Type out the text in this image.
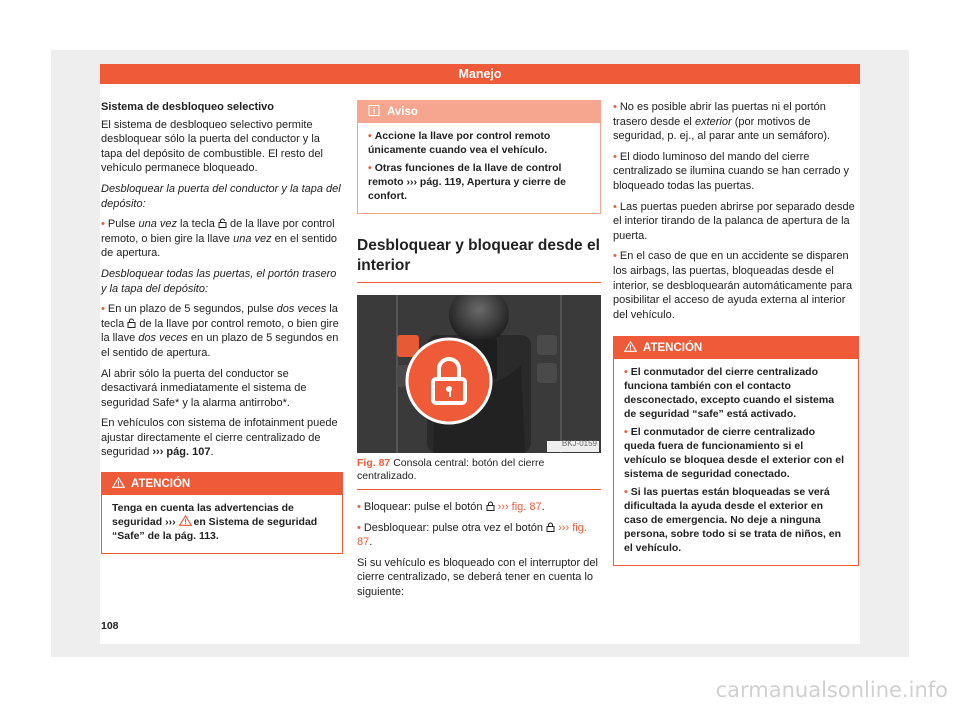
Manejo
Sistema de desbloqueo selectivo

El sistema de desbloqueo selectivo permite desbloquear sólo la puerta del conductor y la tapa del depósito de combustible. El resto del vehículo permanece bloqueado.

Desbloquear la puerta del conductor y la tapa del depósito:

• Pulse una vez la tecla de la llave por control remoto, o bien gire la llave una vez en el sentido de apertura.

Desbloquear todas las puertas, el portón trasero y la tapa del depósito:

• En un plazo de 5 segundos, pulse dos veces la tecla de la llave por control remoto, o bien gire la llave dos veces en un plazo de 5 segundos en el sentido de apertura.

Al abrir sólo la puerta del conductor se desactivará inmediatamente el sistema de seguridad Safe* y la alarma antirrobo*.

En vehículos con sistema de infotainment puede ajustar directamente el cierre centralizado de seguridad ››› pág. 107.

ATENCIÓN

Tenga en cuenta las advertencias de seguridad ››› en Sistema de seguridad “Safe” de la pág. 113.

Aviso

• Accione la llave por control remoto únicamente cuando vea el vehículo.

• Otras funciones de la llave de control remoto ››› pág. 119, Apertura y cierre de confort.

Desbloquear y bloquear desde el interior
BKJ-0159
Fig. 87 Consola central: botón del cierre centralizado.

• Bloquear: pulse el botón ››› fig. 87.

• Desbloquear: pulse otra vez el botón ››› fig. 87.

Si su vehículo es bloqueado con el interruptor del cierre centralizado, se deberá tener en cuenta lo siguiente:

• No es posible abrir las puertas ni el portón trasero desde el exterior (por motivos de seguridad, p. ej., al parar ante un semáforo).

• El diodo luminoso del mando del cierre centralizado se ilumina cuando se han cerrado y bloqueado todas las puertas.

• Las puertas pueden abrirse por separado desde el interior tirando de la palanca de apertura de la puerta.

• En el caso de que en un accidente se disparen los airbags, las puertas, bloqueadas desde el interior, se desbloquearán automáticamente para posibilitar el acceso de ayuda externa al interior del vehículo.

ATENCIÓN

• El conmutador del cierre centralizado funciona también con el contacto desconectado, excepto cuando el sistema de seguridad “safe” está activado.

• El conmutador de cierre centralizado queda fuera de funcionamiento si el vehículo se bloquea desde el exterior con el sistema de seguridad conectado.

• Si las puertas están bloqueadas se verá dificultada la ayuda desde el exterior en caso de emergencia. No deje a ninguna persona, sobre todo si se trata de niños, en el vehículo.

108
carmanualsonline.info
